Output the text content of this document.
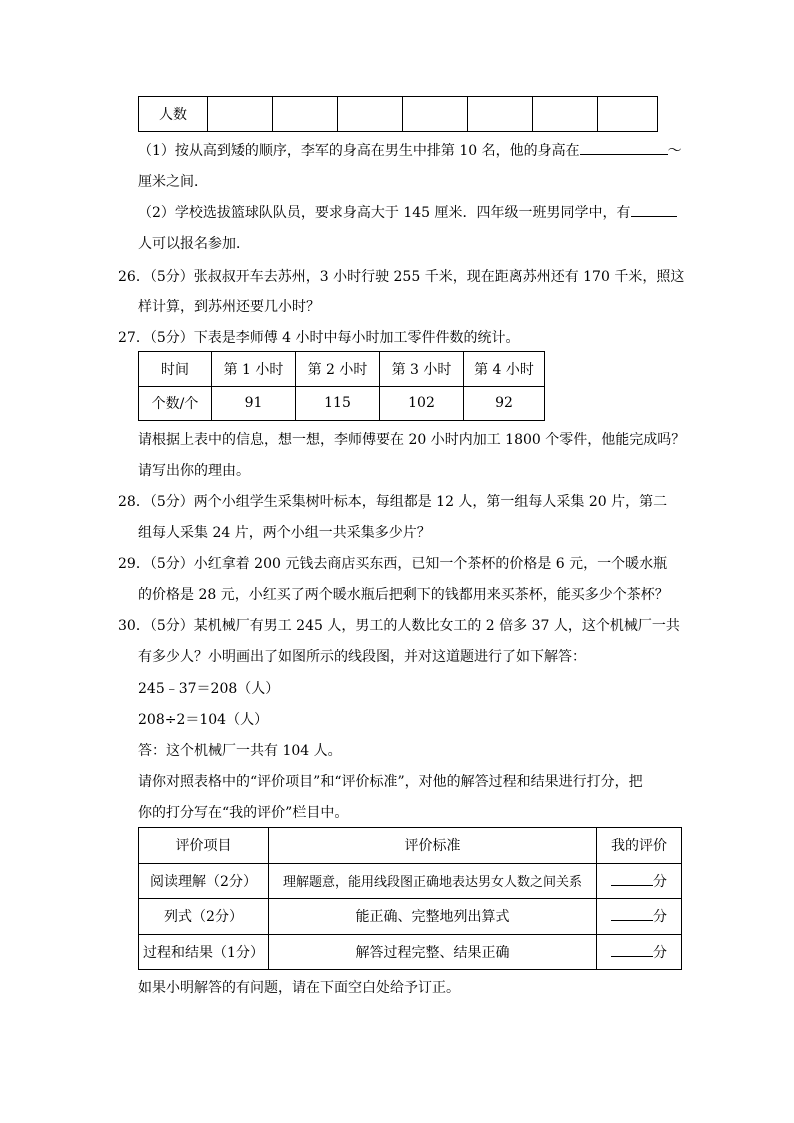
人数							
（1）按从高到矮的顺序，李军的身高在男生中排第 10 名，他的身高在	～
厘米之间．
（2）学校选拔篮球队队员，要求身高大于 145 厘米．四年级一班男同学中，有
人可以报名参加．
26．（5分）张叔叔开车去苏州，3 小时行驶 255 千米，现在距离苏州还有 170 千米，照这
样计算，到苏州还要几小时？
27．（5分）下表是李师傅 4 小时中每小时加工零件件数的统计。
时间	第 1 小时	第 2 小时	第 3 小时	第 4 小时
个数/个	91	115	102	92
请根据上表中的信息，想一想，李师傅要在 20 小时内加工 1800 个零件，他能完成吗？
请写出你的理由。
28．（5分）两个小组学生采集树叶标本，每组都是 12 人，第一组每人采集 20 片，第二
组每人采集 24 片，两个小组一共采集多少片？
29．（5分）小红拿着 200 元钱去商店买东西，已知一个茶杯的价格是 6 元，一个暖水瓶
的价格是 28 元，小红买了两个暖水瓶后把剩下的钱都用来买茶杯，能买多少个茶杯？
30．（5分）某机械厂有男工 245 人，男工的人数比女工的 2 倍多 37 人，这个机械厂一共
有多少人？小明画出了如图所示的线段图，并对这道题进行了如下解答：
245﹣37＝208（人）
208÷2＝104（人）
答：这个机械厂一共有 104 人。
请你对照表格中的“评价项目”和“评价标准”，对他的解答过程和结果进行打分，把
你的打分写在“我的评价”栏目中。
评价项目	评价标准	我的评价
阅读理解（2分）	理解题意，能用线段图正确地表达男女人数之间关系	分
列式（2分）	能正确、完整地列出算式	分
过程和结果（1分）	解答过程完整、结果正确	分
如果小明解答的有问题，请在下面空白处给予订正。
